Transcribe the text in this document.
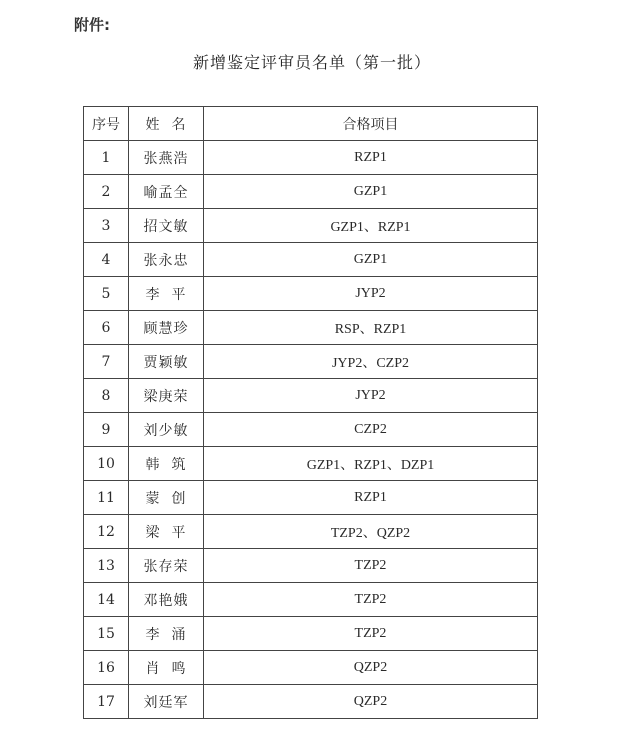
附件:
新增鉴定评审员名单（第一批）
序号	姓  名	合格项目
1	张燕浩	RZP1
2	喻孟全	GZP1
3	招文敏	GZP1、RZP1
4	张永忠	GZP1
5	李  平	JYP2
6	顾慧珍	RSP、RZP1
7	贾颖敏	JYP2、CZP2
8	梁庚荣	JYP2
9	刘少敏	CZP2
10	韩  筑	GZP1、RZP1、DZP1
11	蒙  创	RZP1
12	梁  平	TZP2、QZP2
13	张存荣	TZP2
14	邓艳娥	TZP2
15	李  涌	TZP2
16	肖  鸣	QZP2
17	刘廷军	QZP2
